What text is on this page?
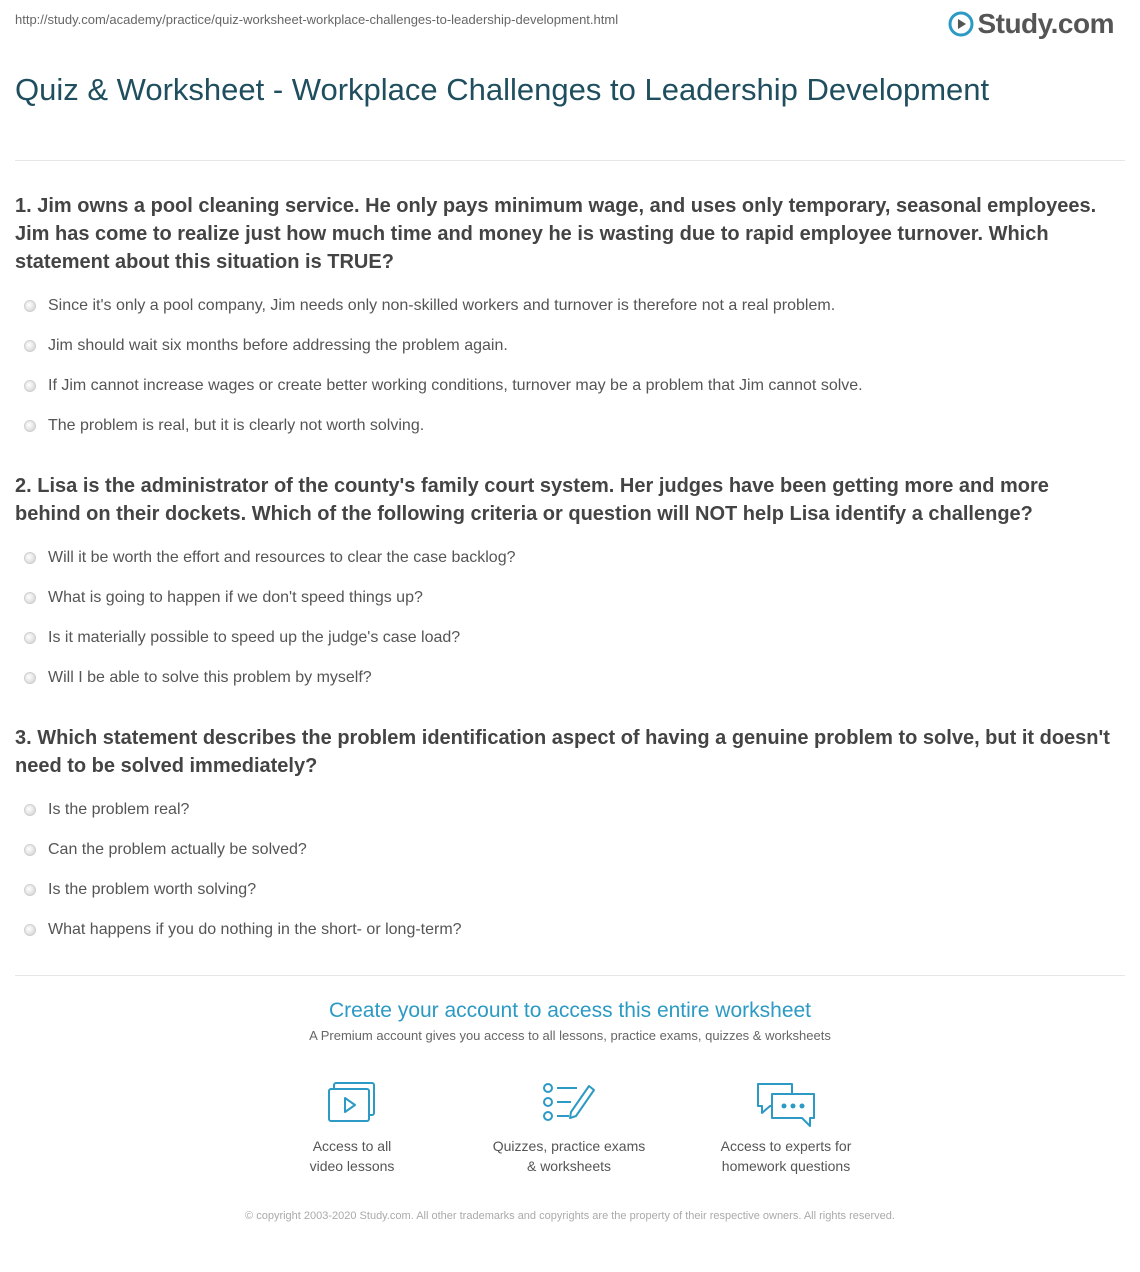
http://study.com/academy/practice/quiz-worksheet-workplace-challenges-to-leadership-development.html	Study.com
Quiz & Worksheet - Workplace Challenges to Leadership Development

1. Jim owns a pool cleaning service. He only pays minimum wage, and uses only temporary, seasonal employees. Jim has come to realize just how much time and money he is wasting due to rapid employee turnover. Which statement about this situation is TRUE?

Since it's only a pool company, Jim needs only non-skilled workers and turnover is therefore not a real problem.
Jim should wait six months before addressing the problem again.
If Jim cannot increase wages or create better working conditions, turnover may be a problem that Jim cannot solve.
The problem is real, but it is clearly not worth solving.

2. Lisa is the administrator of the county's family court system. Her judges have been getting more and more behind on their dockets. Which of the following criteria or question will NOT help Lisa identify a challenge?

Will it be worth the effort and resources to clear the case backlog?
What is going to happen if we don't speed things up?
Is it materially possible to speed up the judge's case load?
Will I be able to solve this problem by myself?

3. Which statement describes the problem identification aspect of having a genuine problem to solve, but it doesn't need to be solved immediately?

Is the problem real?
Can the problem actually be solved?
Is the problem worth solving?
What happens if you do nothing in the short- or long-term?

Create your account to access this entire worksheet

A Premium account gives you access to all lessons, practice exams, quizzes & worksheets
Access to all
video lessons
Quizzes, practice exams
& worksheets
Access to experts for
homework questions
© copyright 2003-2020 Study.com. All other trademarks and copyrights are the property of their respective owners. All rights reserved.
